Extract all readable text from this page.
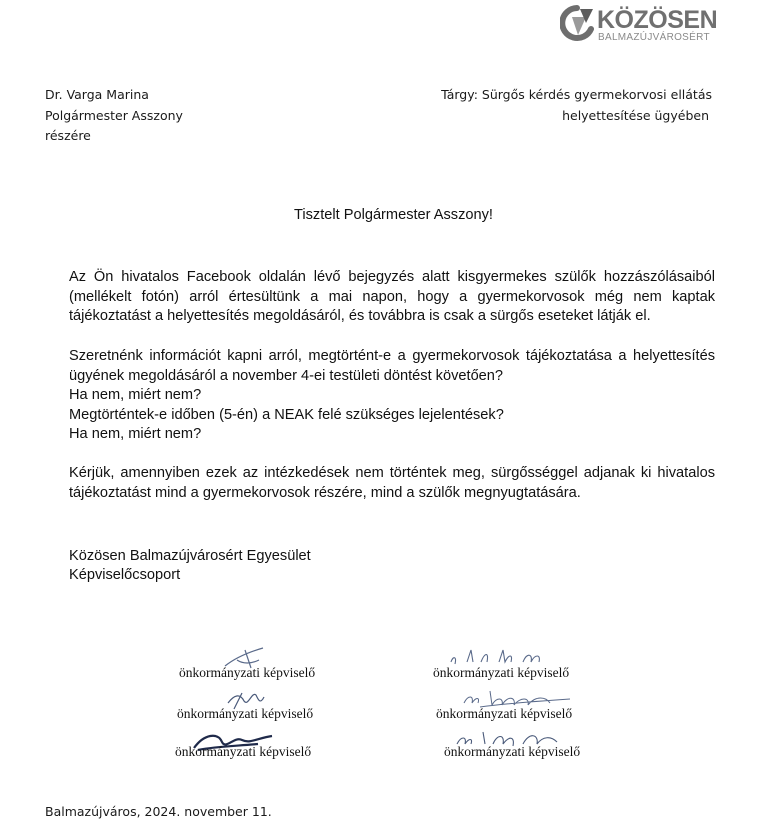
KÖZÖSEN
BALMAZÚJVÁROSÉRT
Dr. Varga Marina
Polgármester Asszony
részére
Tárgy: Sürgős kérdés gyermekorvosi ellátás
helyettesítése ügyében
Tisztelt Polgármester Asszony!
Az Ön hivatalos Facebook oldalán lévő bejegyzés alatt kisgyermekes szülők hozzászólásaiból (mellékelt fotón) arról értesültünk a mai napon, hogy a gyermekorvosok még nem kaptak tájékoztatást a helyettesítés megoldásáról, és továbbra is csak a sürgős eseteket látják el.
Szeretnénk információt kapni arról, megtörtént-e a gyermekorvosok tájékoztatása a helyettesítés ügyének megoldásáról a november 4-ei testületi döntést követően?
Ha nem, miért nem?
Megtörténtek-e időben (5-én) a NEAK felé szükséges lejelentések?
Ha nem, miért nem?
Kérjük, amennyiben ezek az intézkedések nem történtek meg, sürgősséggel adjanak ki hivatalos tájékoztatást mind a gyermekorvosok részére, mind a szülők megnyugtatására.
Közösen Balmazújvárosért Egyesület
Képviselőcsoport
önkormányzati képviselő
önkormányzati képviselő
önkormányzati képviselő
önkormányzati képviselő
önkormányzati képviselő
önkormányzati képviselő
Balmazújváros, 2024. november 11.
